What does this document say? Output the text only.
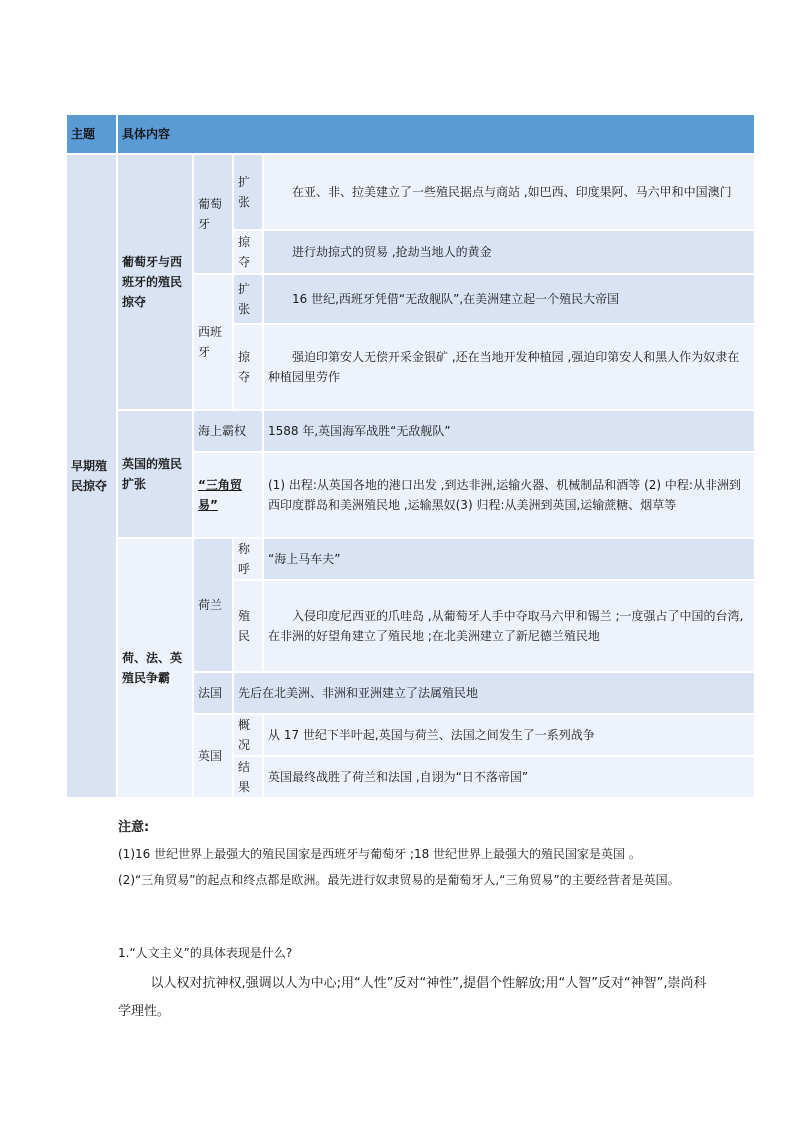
主题	具体内容			
早期殖民掠夺	葡萄牙与西班牙的殖民掠夺	葡萄牙	扩张	在亚、非、拉美建立了一些殖民据点与商站 ,如巴西、印度果阿、马六甲和中国澳门
			掠夺	进行劫掠式的贸易 ,抢劫当地人的黄金
		西班牙	扩张	16 世纪,西班牙凭借“无敌舰队”,在美洲建立起一个殖民大帝国
			掠夺	强迫印第安人无偿开采金银矿 ,还在当地开发种植园 ,强迫印第安人和黑人作为奴隶在种植园里劳作
	英国的殖民扩张	海上霸权		1588 年,英国海军战胜“无敌舰队”
		“三角贸易”		(1) 出程:从英国各地的港口出发 ,到达非洲,运输火器、机械制品和酒等 (2) 中程:从非洲到西印度群岛和美洲殖民地 ,运输黑奴(3) 归程:从美洲到英国,运输蔗糖、烟草等
	荷、法、英殖民争霸	荷兰	称呼	“海上马车夫”
			殖民	入侵印度尼西亚的爪哇岛 ,从葡萄牙人手中夺取马六甲和锡兰 ;一度强占了中国的台湾,在非洲的好望角建立了殖民地 ;在北美洲建立了新尼德兰殖民地
		法国	先后在北美洲、非洲和亚洲建立了法属殖民地	
		英国	概况	从 17 世纪下半叶起,英国与荷兰、法国之间发生了一系列战争
			结果	英国最终战胜了荷兰和法国 ,自诩为“日不落帝国”
注意:
(1)16 世纪世界上最强大的殖民国家是西班牙与葡萄牙 ;18 世纪世界上最强大的殖民国家是英国 。
(2)“三角贸易”的起点和终点都是欧洲。最先进行奴隶贸易的是葡萄牙人,“三角贸易”的主要经营者是英国。
1.“人文主义”的具体表现是什么?
以人权对抗神权,强调以人为中心;用“人性”反对“神性”,提倡个性解放;用“人智”反对“神智”,崇尚科学理性。
